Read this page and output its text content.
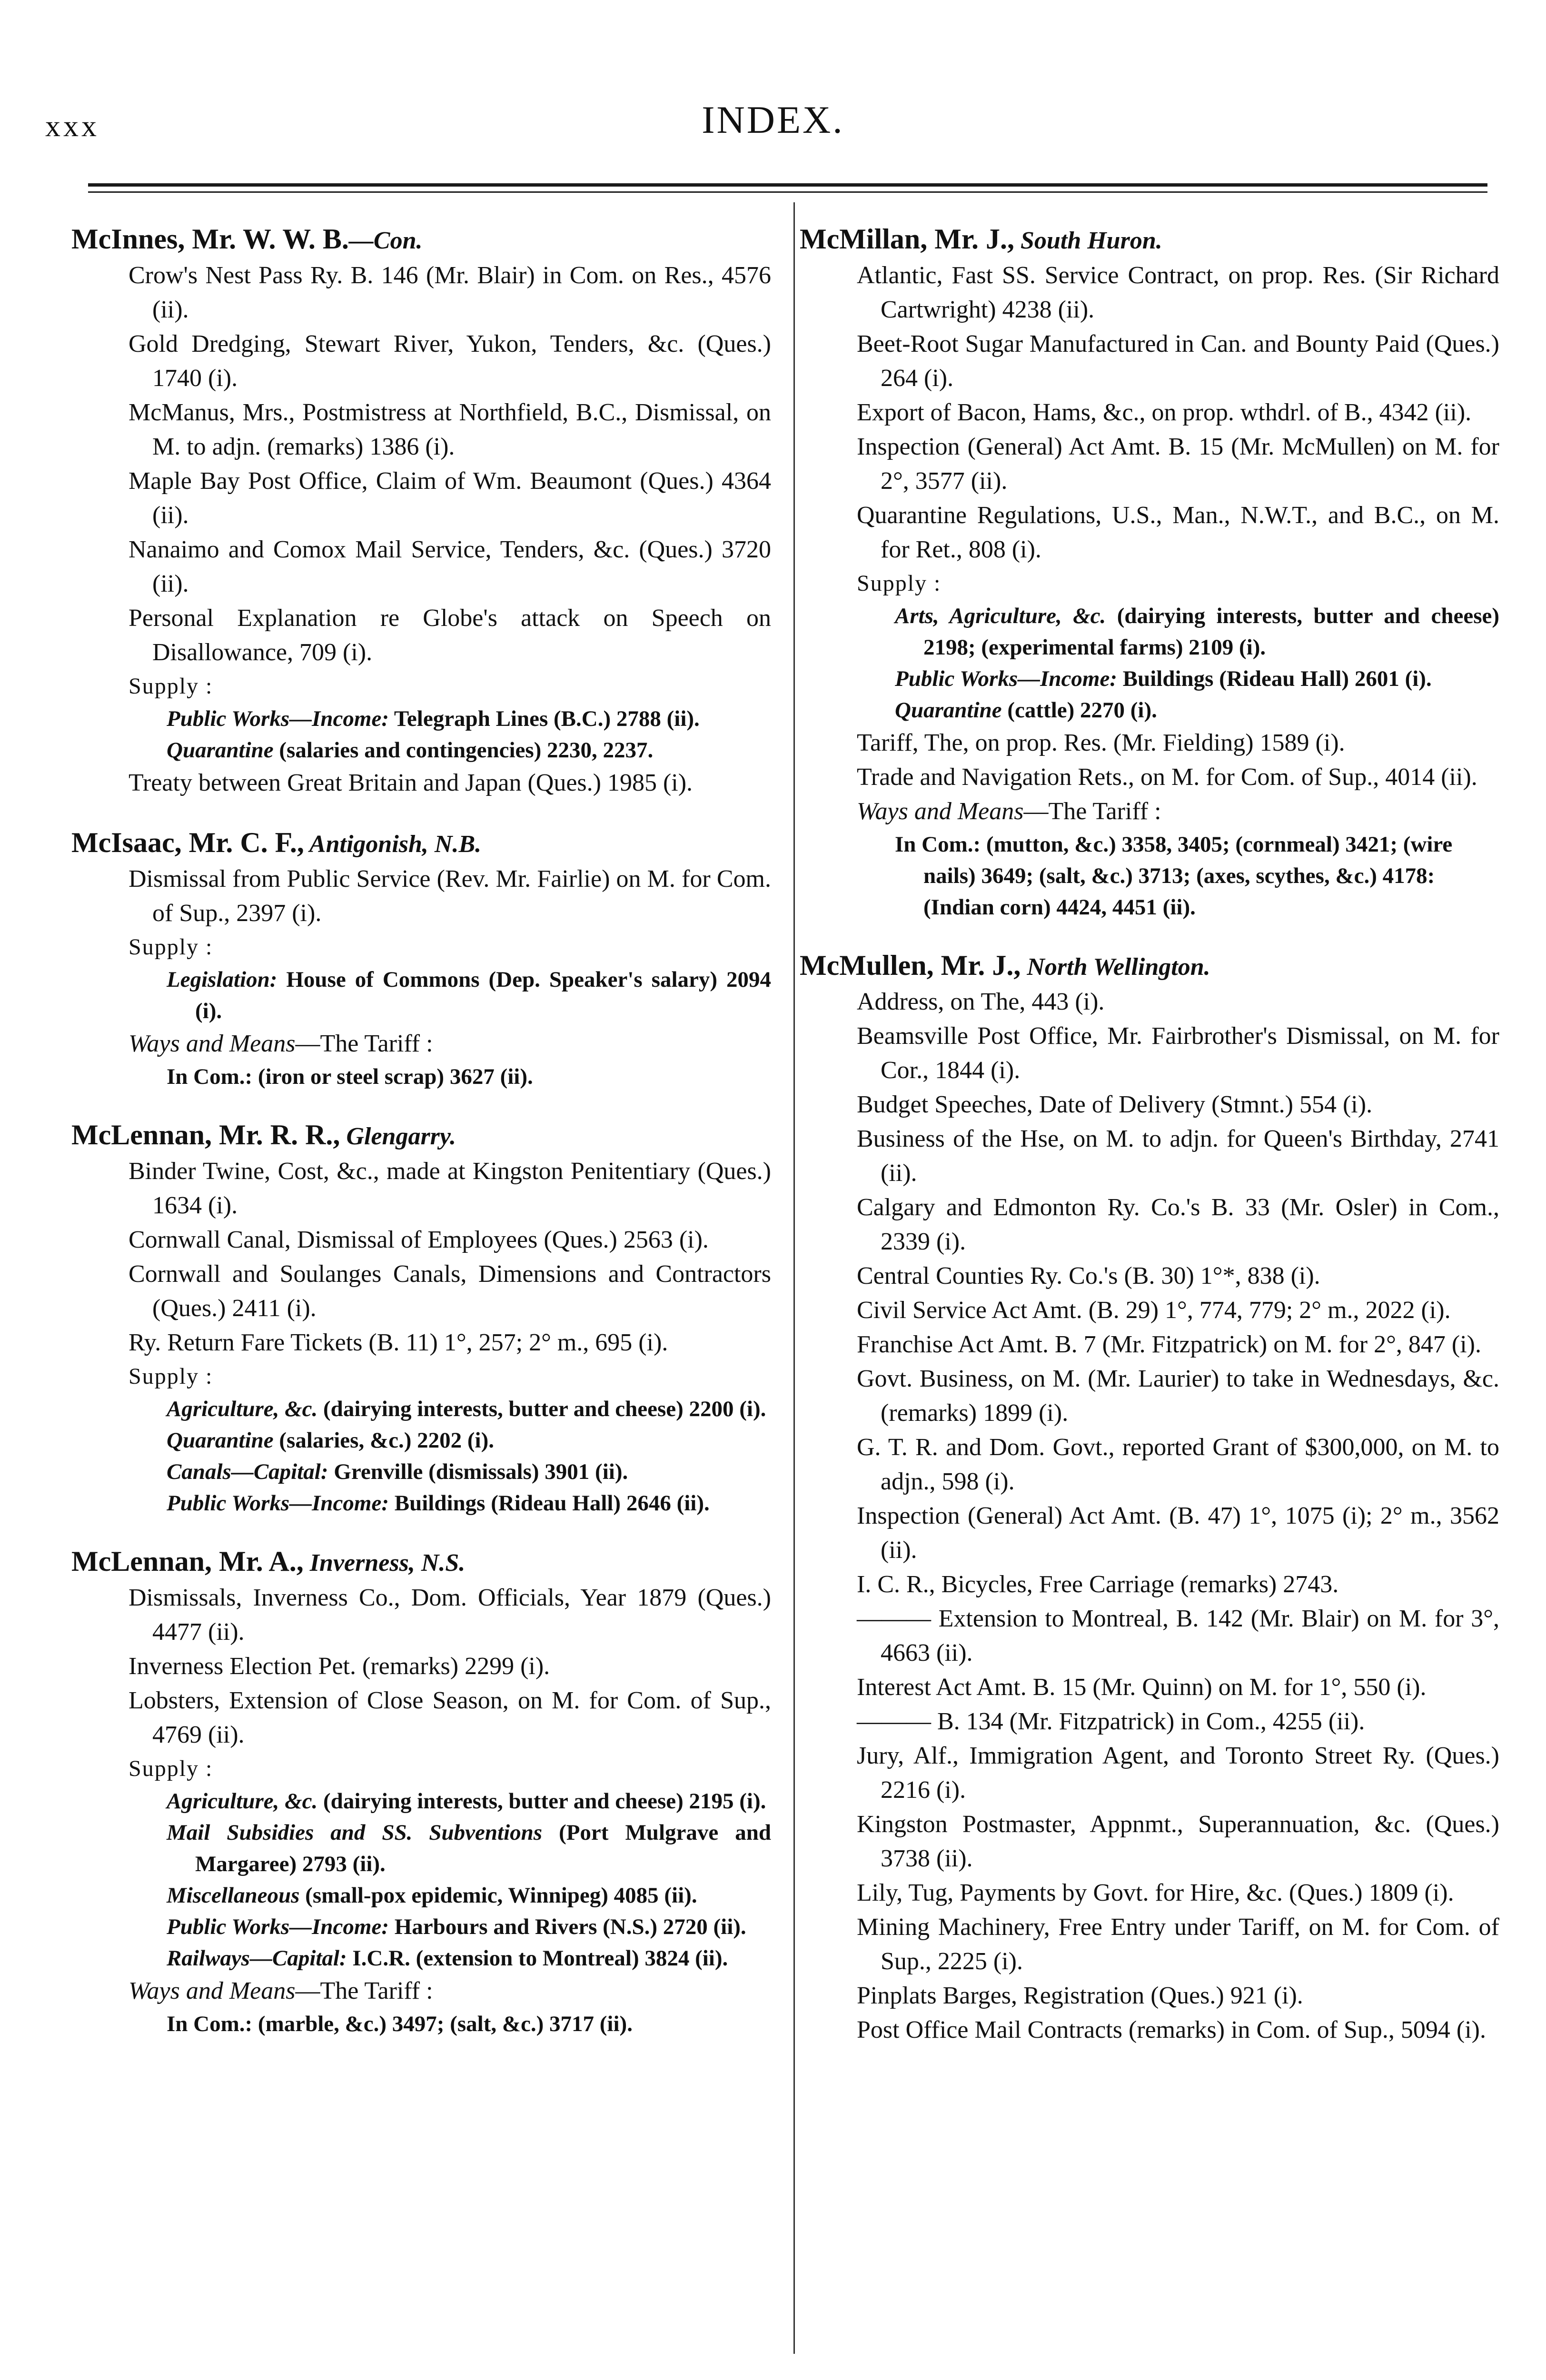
xxx	INDEX.
McInnes, Mr. W. W. B.—Con.
Crow's Nest Pass Ry. B. 146 (Mr. Blair) in Com. on Res., 4576 (ii).
Gold Dredging, Stewart River, Yukon, Tenders, &c. (Ques.) 1740 (i).
McManus, Mrs., Postmistress at Northfield, B.C., Dismissal, on M. to adjn. (remarks) 1386 (i).
Maple Bay Post Office, Claim of Wm. Beaumont (Ques.) 4364 (ii).
Nanaimo and Comox Mail Service, Tenders, &c. (Ques.) 3720 (ii).
Personal Explanation re Globe's attack on Speech on Disallowance, 709 (i).
Supply :
Public Works—Income: Telegraph Lines (B.C.) 2788 (ii).
Quarantine (salaries and contingencies) 2230, 2237.
Treaty between Great Britain and Japan (Ques.) 1985 (i).
McIsaac, Mr. C. F., Antigonish, N.B.
Dismissal from Public Service (Rev. Mr. Fairlie) on M. for Com. of Sup., 2397 (i).
Supply :
Legislation: House of Commons (Dep. Speaker's salary) 2094 (i).
Ways and Means—The Tariff :
In Com.: (iron or steel scrap) 3627 (ii).
McLennan, Mr. R. R., Glengarry.
Binder Twine, Cost, &c., made at Kingston Penitentiary (Ques.) 1634 (i).
Cornwall Canal, Dismissal of Employees (Ques.) 2563 (i).
Cornwall and Soulanges Canals, Dimensions and Contractors (Ques.) 2411 (i).
Ry. Return Fare Tickets (B. 11) 1°, 257; 2° m., 695 (i).
Supply :
Agriculture, &c. (dairying interests, butter and cheese) 2200 (i).
Quarantine (salaries, &c.) 2202 (i).
Canals—Capital: Grenville (dismissals) 3901 (ii).
Public Works—Income: Buildings (Rideau Hall) 2646 (ii).
McLennan, Mr. A., Inverness, N.S.
Dismissals, Inverness Co., Dom. Officials, Year 1879 (Ques.) 4477 (ii).
Inverness Election Pet. (remarks) 2299 (i).
Lobsters, Extension of Close Season, on M. for Com. of Sup., 4769 (ii).
Supply :
Agriculture, &c. (dairying interests, butter and cheese) 2195 (i).
Mail Subsidies and SS. Subventions (Port Mulgrave and Margaree) 2793 (ii).
Miscellaneous (small-pox epidemic, Winnipeg) 4085 (ii).
Public Works—Income: Harbours and Rivers (N.S.) 2720 (ii).
Railways—Capital: I.C.R. (extension to Montreal) 3824 (ii).
Ways and Means—The Tariff :
In Com.: (marble, &c.) 3497; (salt, &c.) 3717 (ii).
McMillan, Mr. J., South Huron.
Atlantic, Fast SS. Service Contract, on prop. Res. (Sir Richard Cartwright) 4238 (ii).
Beet-Root Sugar Manufactured in Can. and Bounty Paid (Ques.) 264 (i).
Export of Bacon, Hams, &c., on prop. wthdrl. of B., 4342 (ii).
Inspection (General) Act Amt. B. 15 (Mr. McMullen) on M. for 2°, 3577 (ii).
Quarantine Regulations, U.S., Man., N.W.T., and B.C., on M. for Ret., 808 (i).
Supply :
Arts, Agriculture, &c. (dairying interests, butter and cheese) 2198; (experimental farms) 2109 (i).
Public Works—Income: Buildings (Rideau Hall) 2601 (i).
Quarantine (cattle) 2270 (i).
Tariff, The, on prop. Res. (Mr. Fielding) 1589 (i).
Trade and Navigation Rets., on M. for Com. of Sup., 4014 (ii).
Ways and Means—The Tariff :
In Com.: (mutton, &c.) 3358, 3405; (cornmeal) 3421; (wire nails) 3649; (salt, &c.) 3713; (axes, scythes, &c.) 4178: (Indian corn) 4424, 4451 (ii).
McMullen, Mr. J., North Wellington.
Address, on The, 443 (i).
Beamsville Post Office, Mr. Fairbrother's Dismissal, on M. for Cor., 1844 (i).
Budget Speeches, Date of Delivery (Stmnt.) 554 (i).
Business of the Hse, on M. to adjn. for Queen's Birthday, 2741 (ii).
Calgary and Edmonton Ry. Co.'s B. 33 (Mr. Osler) in Com., 2339 (i).
Central Counties Ry. Co.'s (B. 30) 1°*, 838 (i).
Civil Service Act Amt. (B. 29) 1°, 774, 779; 2° m., 2022 (i).
Franchise Act Amt. B. 7 (Mr. Fitzpatrick) on M. for 2°, 847 (i).
Govt. Business, on M. (Mr. Laurier) to take in Wednesdays, &c. (remarks) 1899 (i).
G. T. R. and Dom. Govt., reported Grant of $300,000, on M. to adjn., 598 (i).
Inspection (General) Act Amt. (B. 47) 1°, 1075 (i); 2° m., 3562 (ii).
I. C. R., Bicycles, Free Carriage (remarks) 2743.
——— Extension to Montreal, B. 142 (Mr. Blair) on M. for 3°, 4663 (ii).
Interest Act Amt. B. 15 (Mr. Quinn) on M. for 1°, 550 (i).
——— B. 134 (Mr. Fitzpatrick) in Com., 4255 (ii).
Jury, Alf., Immigration Agent, and Toronto Street Ry. (Ques.) 2216 (i).
Kingston Postmaster, Appnmt., Superannuation, &c. (Ques.) 3738 (ii).
Lily, Tug, Payments by Govt. for Hire, &c. (Ques.) 1809 (i).
Mining Machinery, Free Entry under Tariff, on M. for Com. of Sup., 2225 (i).
Pinplats Barges, Registration (Ques.) 921 (i).
Post Office Mail Contracts (remarks) in Com. of Sup., 5094 (i).
